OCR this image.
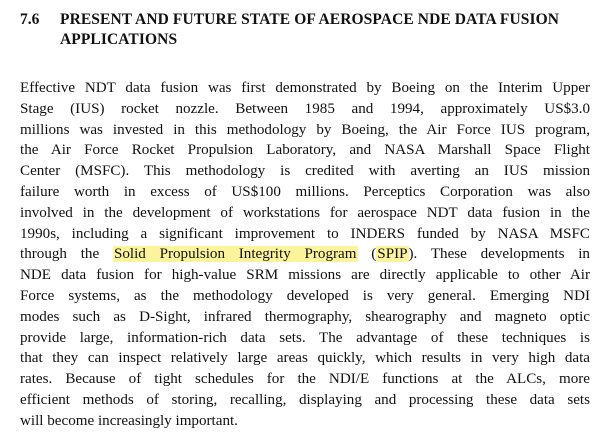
7.6	PRESENT AND FUTURE STATE OF AEROSPACE NDE DATA FUSION APPLICATIONS
Effective NDT data fusion was first demonstrated by Boeing on the Interim Upper
Stage (IUS) rocket nozzle. Between 1985 and 1994, approximately US$3.0
millions was invested in this methodology by Boeing, the Air Force IUS program,
the Air Force Rocket Propulsion Laboratory, and NASA Marshall Space Flight
Center (MSFC). This methodology is credited with averting an IUS mission
failure worth in excess of US$100 millions. Perceptics Corporation was also
involved in the development of workstations for aerospace NDT data fusion in the
1990s, including a significant improvement to INDERS funded by NASA MSFC
through the Solid Propulsion Integrity Program (SPIP). These developments in
NDE data fusion for high-value SRM missions are directly applicable to other Air
Force systems, as the methodology developed is very general. Emerging NDI
modes such as D-Sight, infrared thermography, shearography and magneto optic
provide large, information-rich data sets. The advantage of these techniques is
that they can inspect relatively large areas quickly, which results in very high data
rates. Because of tight schedules for the NDI/E functions at the ALCs, more
efficient methods of storing, recalling, displaying and processing these data sets
will become increasingly important.
